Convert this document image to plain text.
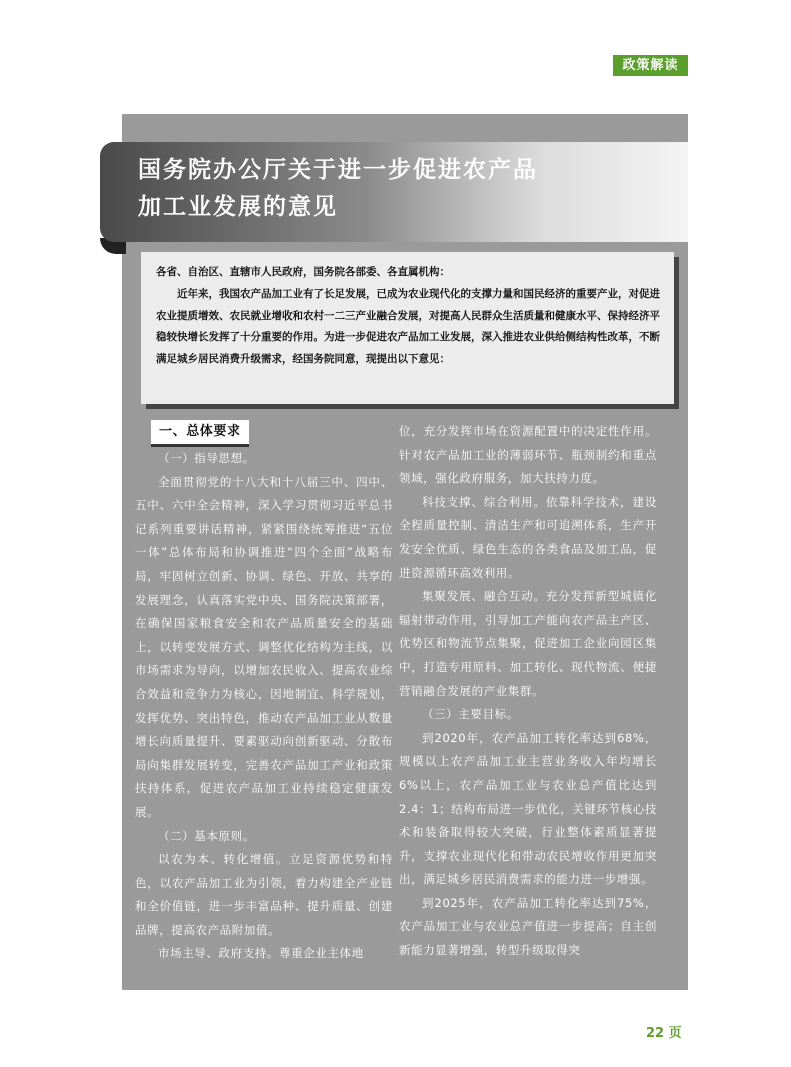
政策解读
国务院办公厅关于进一步促进农产品
加工业发展的意见
各省、自治区、直辖市人民政府，国务院各部委、各直属机构：
近年来，我国农产品加工业有了长足发展，已成为农业现代化的支撑力量和国民经济的重要产业，对促进农业提质增效、农民就业增收和农村一二三产业融合发展，对提高人民群众生活质量和健康水平、保持经济平稳较快增长发挥了十分重要的作用。为进一步促进农产品加工业发展，深入推进农业供给侧结构性改革，不断满足城乡居民消费升级需求，经国务院同意，现提出以下意见：
一、总体要求

（一）指导思想。

全面贯彻党的十八大和十八届三中、四中、五中、六中全会精神，深入学习贯彻习近平总书记系列重要讲话精神，紧紧围绕统筹推进“五位一体”总体布局和协调推进“四个全面”战略布局，牢固树立创新、协调、绿色、开放、共享的发展理念，认真落实党中央、国务院决策部署，在确保国家粮食安全和农产品质量安全的基础上，以转变发展方式、调整优化结构为主线，以市场需求为导向，以增加农民收入、提高农业综合效益和竞争力为核心，因地制宜、科学规划，发挥优势、突出特色，推动农产品加工业从数量增长向质量提升、要素驱动向创新驱动、分散布局向集群发展转变，完善农产品加工产业和政策扶持体系，促进农产品加工业持续稳定健康发展。

（二）基本原则。

以农为本、转化增值。立足资源优势和特色，以农产品加工业为引领，着力构建全产业链和全价值链，进一步丰富品种、提升质量、创建品牌，提高农产品附加值。

市场主导、政府支持。尊重企业主体地

位，充分发挥市场在资源配置中的决定性作用。针对农产品加工业的薄弱环节、瓶颈制约和重点领域，强化政府服务，加大扶持力度。

科技支撑、综合利用。依靠科学技术，建设全程质量控制、清洁生产和可追溯体系，生产开发安全优质、绿色生态的各类食品及加工品，促进资源循环高效利用。

集聚发展、融合互动。充分发挥新型城镇化辐射带动作用，引导加工产能向农产品主产区、优势区和物流节点集聚，促进加工企业向园区集中，打造专用原料、加工转化、现代物流、便捷营销融合发展的产业集群。

（三）主要目标。

到2020年，农产品加工转化率达到68%，规模以上农产品加工业主营业务收入年均增长6%以上，农产品加工业与农业总产值比达到2.4：1；结构布局进一步优化，关键环节核心技术和装备取得较大突破，行业整体素质显著提升，支撑农业现代化和带动农民增收作用更加突出，满足城乡居民消费需求的能力进一步增强。

到2025年，农产品加工转化率达到75%，农产品加工业与农业总产值进一步提高；自主创新能力显著增强，转型升级取得突

22 页
